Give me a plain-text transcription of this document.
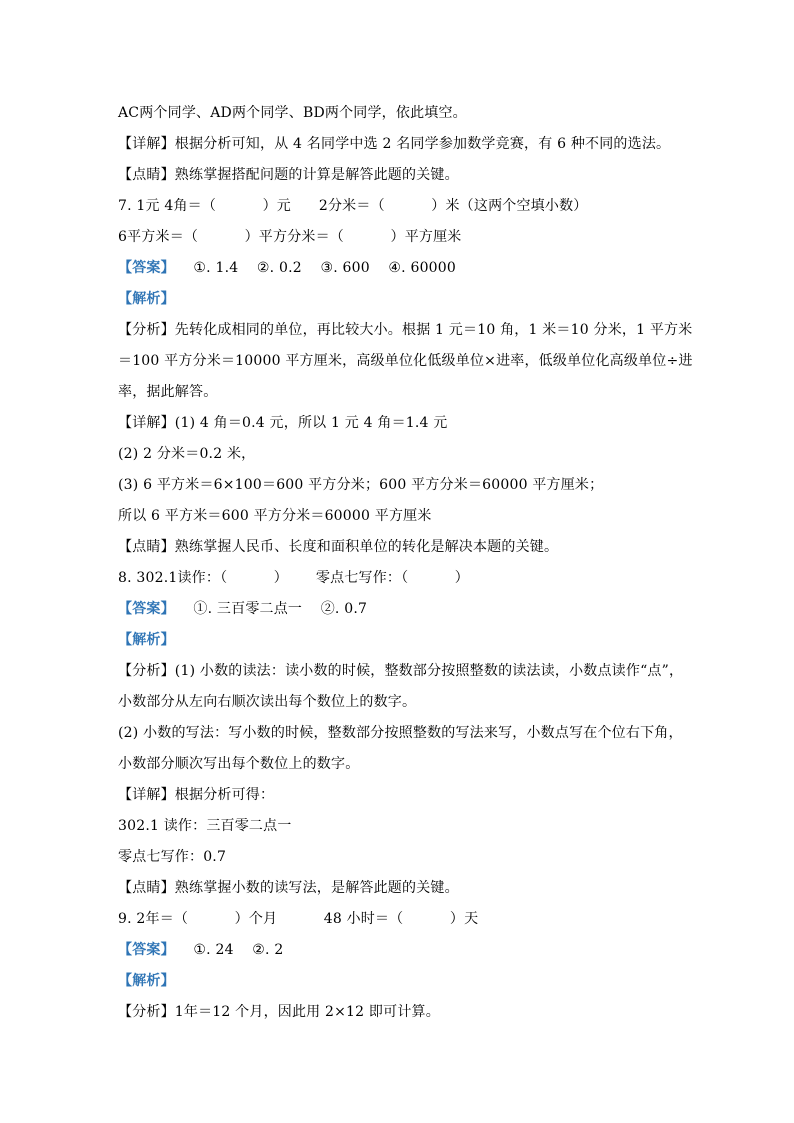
AC两个同学、AD两个同学、BD两个同学，依此填空。
【详解】根据分析可知，从 4 名同学中选 2 名同学参加数学竞赛，有 6 种不同的选法。
【点睛】熟练掌握搭配问题的计算是解答此题的关键。
7. 1元 4角＝（          ）元      2分米＝（          ）米（这两个空填小数）
6平方米＝（          ）平方分米＝（          ）平方厘米
【答案】    ①. 1.4    ②. 0.2    ③. 600    ④. 60000
【解析】
【分析】先转化成相同的单位，再比较大小。根据 1 元＝10 角，1 米＝10 分米，1 平方米
＝100 平方分米＝10000 平方厘米，高级单位化低级单位×进率，低级单位化高级单位÷进
率，据此解答。
【详解】(1) 4 角＝0.4 元，所以 1 元 4 角＝1.4 元
(2) 2 分米＝0.2 米，
(3) 6 平方米＝6×100＝600 平方分米；600 平方分米＝60000 平方厘米；
所以 6 平方米＝600 平方分米＝60000 平方厘米
【点睛】熟练掌握人民币、长度和面积单位的转化是解决本题的关键。
8. 302.1读作：（          ）      零点七写作：（          ）
【答案】    ①. 三百零二点一    ②. 0.7
【解析】
【分析】(1) 小数的读法：读小数的时候，整数部分按照整数的读法读，小数点读作“点”，
小数部分从左向右顺次读出每个数位上的数字。
(2) 小数的写法：写小数的时候，整数部分按照整数的写法来写，小数点写在个位右下角，
小数部分顺次写出每个数位上的数字。
【详解】根据分析可得：
302.1 读作：三百零二点一
零点七写作：0.7
【点睛】熟练掌握小数的读写法，是解答此题的关键。
9. 2年＝（          ）个月          48 小时＝（          ）天
【答案】    ①. 24    ②. 2
【解析】
【分析】1年＝12 个月，因此用 2×12 即可计算。
